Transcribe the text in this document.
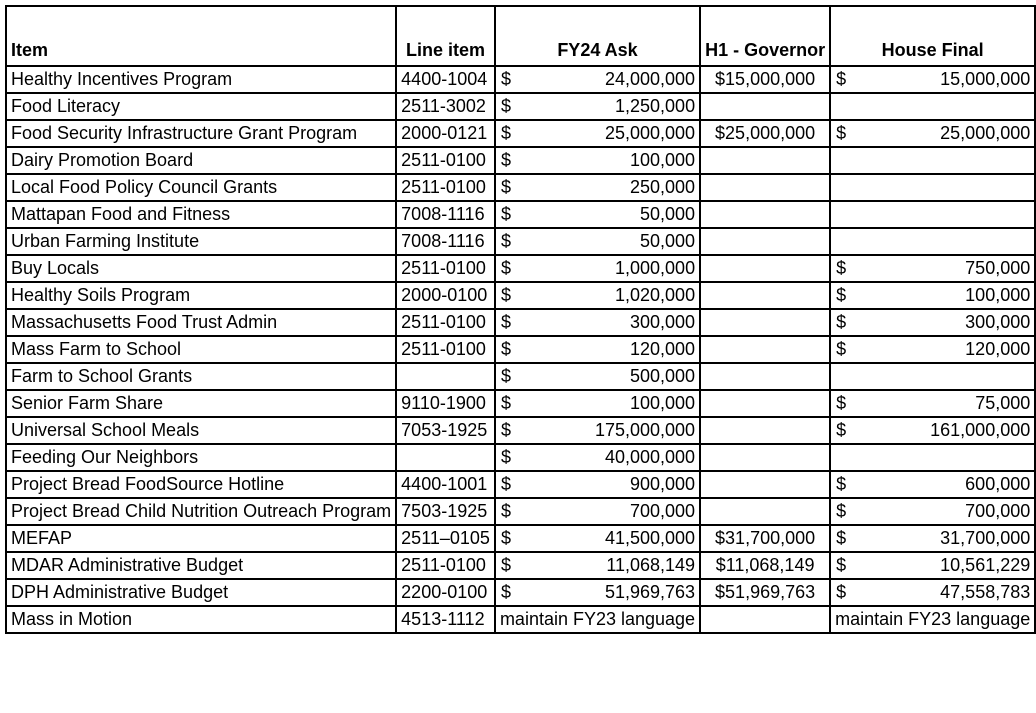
Item	Line item	FY24 Ask	H1 - Governor	House Final
Healthy Incentives Program	4400-1004	$ 24,000,000	$15,000,000	$ 15,000,000

Food Literacy	2511-3002	$ 1,250,000		

Food Security Infrastructure Grant Program	2000-0121	$ 25,000,000	$25,000,000	$ 25,000,000

Dairy Promotion Board	2511-0100	$ 100,000		

Local Food Policy Council Grants	2511-0100	$ 250,000		

Mattapan Food and Fitness	7008-1116	$ 50,000		

Urban Farming Institute	7008-1116	$ 50,000		

Buy Locals	2511-0100	$ 1,000,000		$ 750,000

Healthy Soils Program	2000-0100	$ 1,020,000		$ 100,000

Massachusetts Food Trust Admin	2511-0100	$ 300,000		$ 300,000

Mass Farm to School	2511-0100	$ 120,000		$ 120,000

Farm to School Grants		$ 500,000		

Senior Farm Share	9110-1900	$ 100,000		$ 75,000

Universal School Meals	7053-1925	$ 175,000,000		$ 161,000,000

Feeding Our Neighbors		$ 40,000,000		

Project Bread FoodSource Hotline	4400-1001	$ 900,000		$ 600,000

Project Bread Child Nutrition Outreach Program	7503-1925	$ 700,000		$ 700,000

MEFAP	2511–0105	$ 41,500,000	$31,700,000	$ 31,700,000

MDAR Administrative Budget	2511-0100	$ 11,068,149	$11,068,149	$ 10,561,229

DPH Administrative Budget	2200-0100	$ 51,969,763	$51,969,763	$ 47,558,783

Mass in Motion	4513-1112	maintain FY23 language		maintain FY23 language
